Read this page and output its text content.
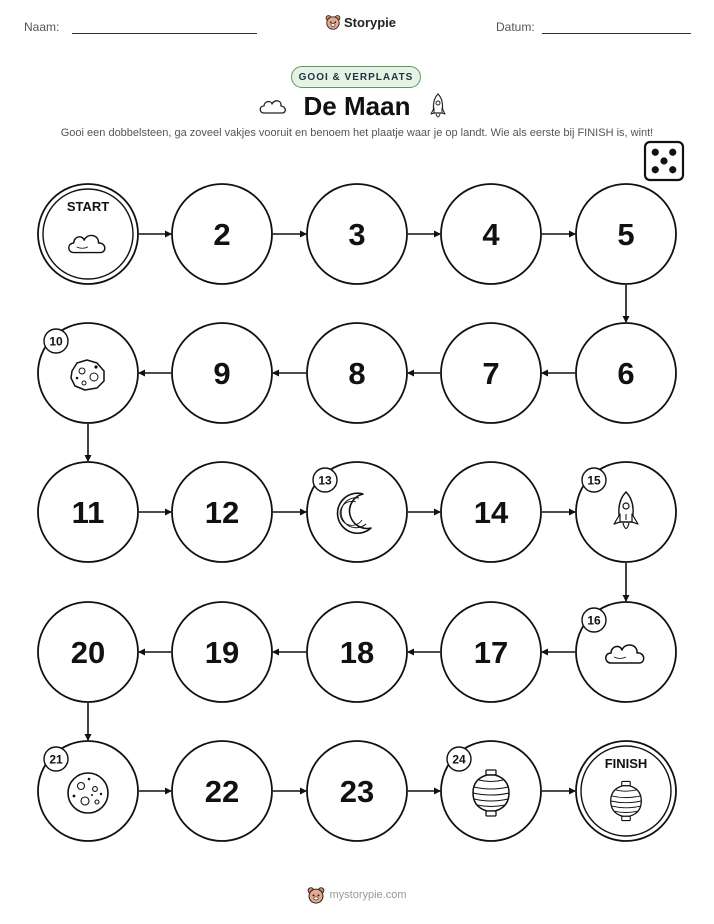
Naam:	Storypie	Datum:
GOOI & VERPLAATS
De Maan
Gooi een dobbelsteen, ga zoveel vakjes vooruit en benoem het plaatje waar je op landt. Wie als eerste bij FINISH is, wint!
START
2	3	4	5
6
7
8
9
10
11	12
13
14
15
16
17
18
19
20
21
22	23
24	FINISH
mystorypie.com
